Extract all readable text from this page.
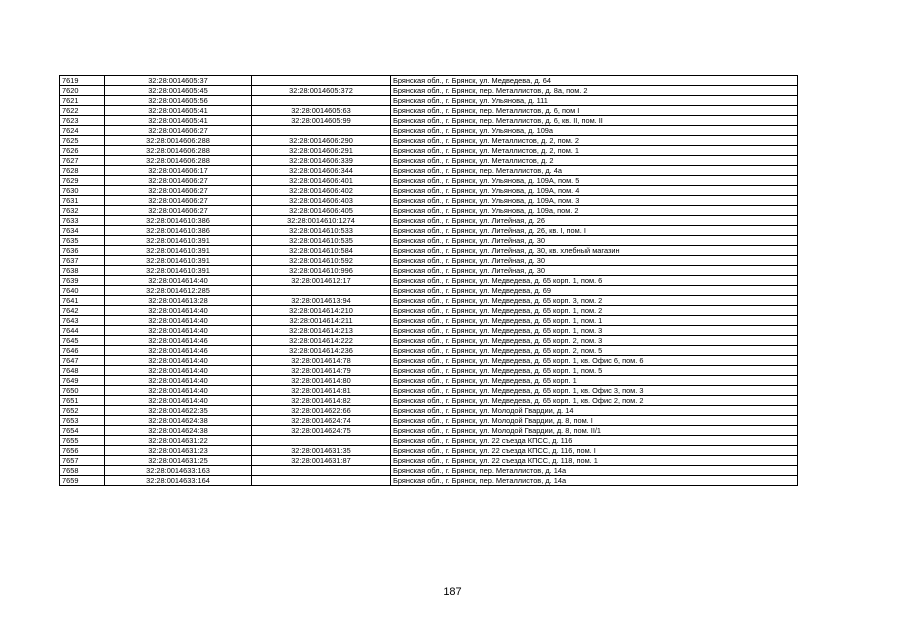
7619	32:28:0014605:37		Брянская обл., г. Брянск, ул. Медведева, д. 64
7620	32:28:0014605:45	32:28:0014605:372	Брянская обл., г. Брянск, пер. Металлистов, д. 8а, пом. 2
7621	32:28:0014605:56		Брянская обл., г. Брянск, ул. Ульянова, д. 111
7622	32:28:0014605:41	32:28:0014605:63	Брянская обл., г. Брянск, пер. Металлистов, д. 6, пом I
7623	32:28:0014605:41	32:28:0014605:99	Брянская обл., г. Брянск, пер. Металлистов, д. 6, кв. II, пом. II
7624	32:28:0014606:27		Брянская обл., г. Брянск, ул. Ульянова, д. 109а
7625	32:28:0014606:288	32:28:0014606:290	Брянская обл., г. Брянск, ул. Металлистов, д. 2, пом. 2
7626	32:28:0014606:288	32:28:0014606:291	Брянская обл., г. Брянск, ул. Металлистов, д. 2, пом. 1
7627	32:28:0014606:288	32:28:0014606:339	Брянская обл., г. Брянск, ул. Металлистов, д. 2
7628	32:28:0014606:17	32:28:0014606:344	Брянская обл., г. Брянск, пер. Металлистов, д. 4а
7629	32:28:0014606:27	32:28:0014606:401	Брянская обл., г. Брянск, ул. Ульянова, д. 109А, пом. 5
7630	32:28:0014606:27	32:28:0014606:402	Брянская обл., г. Брянск, ул. Ульянова, д. 109А, пом. 4
7631	32:28:0014606:27	32:28:0014606:403	Брянская обл., г. Брянск, ул. Ульянова, д. 109А, пом. 3
7632	32:28:0014606:27	32:28:0014606:405	Брянская обл., г. Брянск, ул. Ульянова, д. 109а, пом. 2
7633	32:28:0014610:386	32:28:0014610:1274	Брянская обл., г. Брянск, ул. Литейная, д. 26
7634	32:28:0014610:386	32:28:0014610:533	Брянская обл., г. Брянск, ул. Литейная, д. 26, кв. I, пом. I
7635	32:28:0014610:391	32:28:0014610:535	Брянская обл., г. Брянск, ул. Литейная, д. 30
7636	32:28:0014610:391	32:28:0014610:584	Брянская обл., г. Брянск, ул. Литейная, д. 30, кв. хлебный магазин
7637	32:28:0014610:391	32:28:0014610:592	Брянская обл., г. Брянск, ул. Литейная, д. 30
7638	32:28:0014610:391	32:28:0014610:996	Брянская обл., г. Брянск, ул. Литейная, д. 30
7639	32:28:0014614:40	32:28:0014612:17	Брянская обл., г. Брянск, ул. Медведева, д. 65 корп. 1, пом. 6
7640	32:28:0014612:285		Брянская обл., г. Брянск, ул. Медведева, д. 69
7641	32:28:0014613:28	32:28:0014613:94	Брянская обл., г. Брянск, ул. Медведева, д. 65 корп. 3, пом. 2
7642	32:28:0014614:40	32:28:0014614:210	Брянская обл., г. Брянск, ул. Медведева, д. 65 корп. 1, пом. 2
7643	32:28:0014614:40	32:28:0014614:211	Брянская обл., г. Брянск, ул. Медведева, д. 65 корп. 1, пом. 1
7644	32:28:0014614:40	32:28:0014614:213	Брянская обл., г. Брянск, ул. Медведева, д. 65 корп. 1, пом. 3
7645	32:28:0014614:46	32:28:0014614:222	Брянская обл., г. Брянск, ул. Медведева, д. 65 корп. 2, пом. 3
7646	32:28:0014614:46	32:28:0014614:236	Брянская обл., г. Брянск, ул. Медведева, д. 65 корп. 2, пом. 5
7647	32:28:0014614:40	32:28:0014614:78	Брянская обл., г. Брянск, ул. Медведева, д. 65 корп. 1, кв. Офис 6, пом. 6
7648	32:28:0014614:40	32:28:0014614:79	Брянская обл., г. Брянск, ул. Медведева, д. 65 корп. 1, пом. 5
7649	32:28:0014614:40	32:28:0014614:80	Брянская обл., г. Брянск, ул. Медведева, д. 65 корп. 1
7650	32:28:0014614:40	32:28:0014614:81	Брянская обл., г. Брянск, ул. Медведева, д. 65 корп. 1, кв. Офис 3, пом. 3
7651	32:28:0014614:40	32:28:0014614:82	Брянская обл., г. Брянск, ул. Медведева, д. 65 корп. 1, кв. Офис 2, пом. 2
7652	32:28:0014622:35	32:28:0014622:66	Брянская обл., г. Брянск, ул. Молодой Гвардии, д. 14
7653	32:28:0014624:38	32:28:0014624:74	Брянская обл., г. Брянск, ул. Молодой Гвардии, д. 8, пом. I
7654	32:28:0014624:38	32:28:0014624:75	Брянская обл., г. Брянск, ул. Молодой Гвардии, д. 8, пом. II/1
7655	32:28:0014631:22		Брянская обл., г. Брянск, ул. 22 съезда КПСС, д. 116
7656	32:28:0014631:23	32:28:0014631:35	Брянская обл., г. Брянск, ул. 22 съезда КПСС, д. 116, пом. I
7657	32:28:0014631:25	32:28:0014631:87	Брянская обл., г. Брянск, ул. 22 съезда КПСС, д. 118, пом. 1
7658	32:28:0014633:163		Брянская обл., г. Брянск, пер. Металлистов, д. 14а
7659	32:28:0014633:164		Брянская обл., г. Брянск, пер. Металлистов, д. 14а
187
